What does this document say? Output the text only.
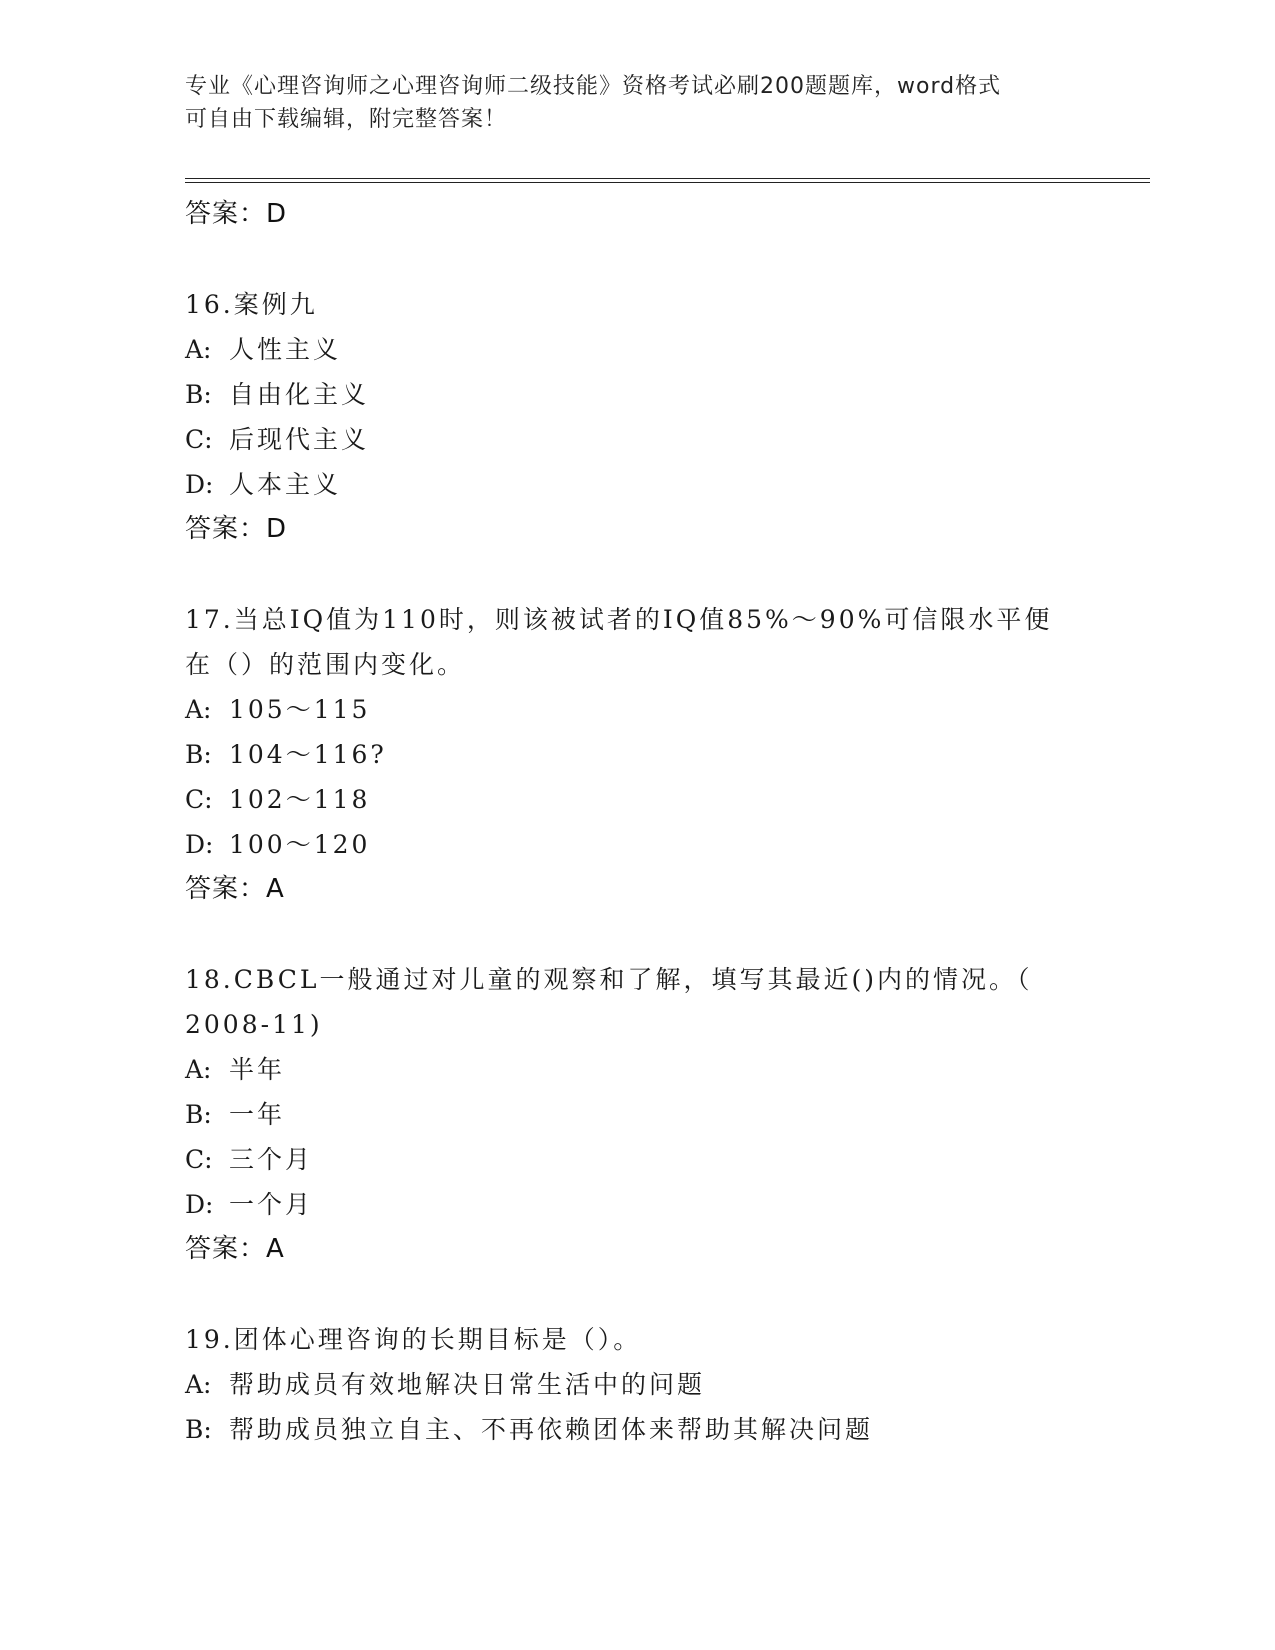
专业《心理咨询师之心理咨询师二级技能》资格考试必刷200题题库，word格式
可自由下载编辑，附完整答案！
答案：D
16.案例九
A: 人性主义
B: 自由化主义
C: 后现代主义
D: 人本主义
答案：D
17.当总IQ值为110时，则该被试者的IQ值85%～90%可信限水平便
在（）的范围内变化。
A: 105～115
B: 104～116?
C: 102～118
D: 100～120
答案：A
18.CBCL一般通过对儿童的观察和了解，填写其最近()内的情况。（
2008-11)
A: 半年
B: 一年
C: 三个月
D: 一个月
答案：A
19.团体心理咨询的长期目标是（）。
A: 帮助成员有效地解决日常生活中的问题
B: 帮助成员独立自主、不再依赖团体来帮助其解决问题
